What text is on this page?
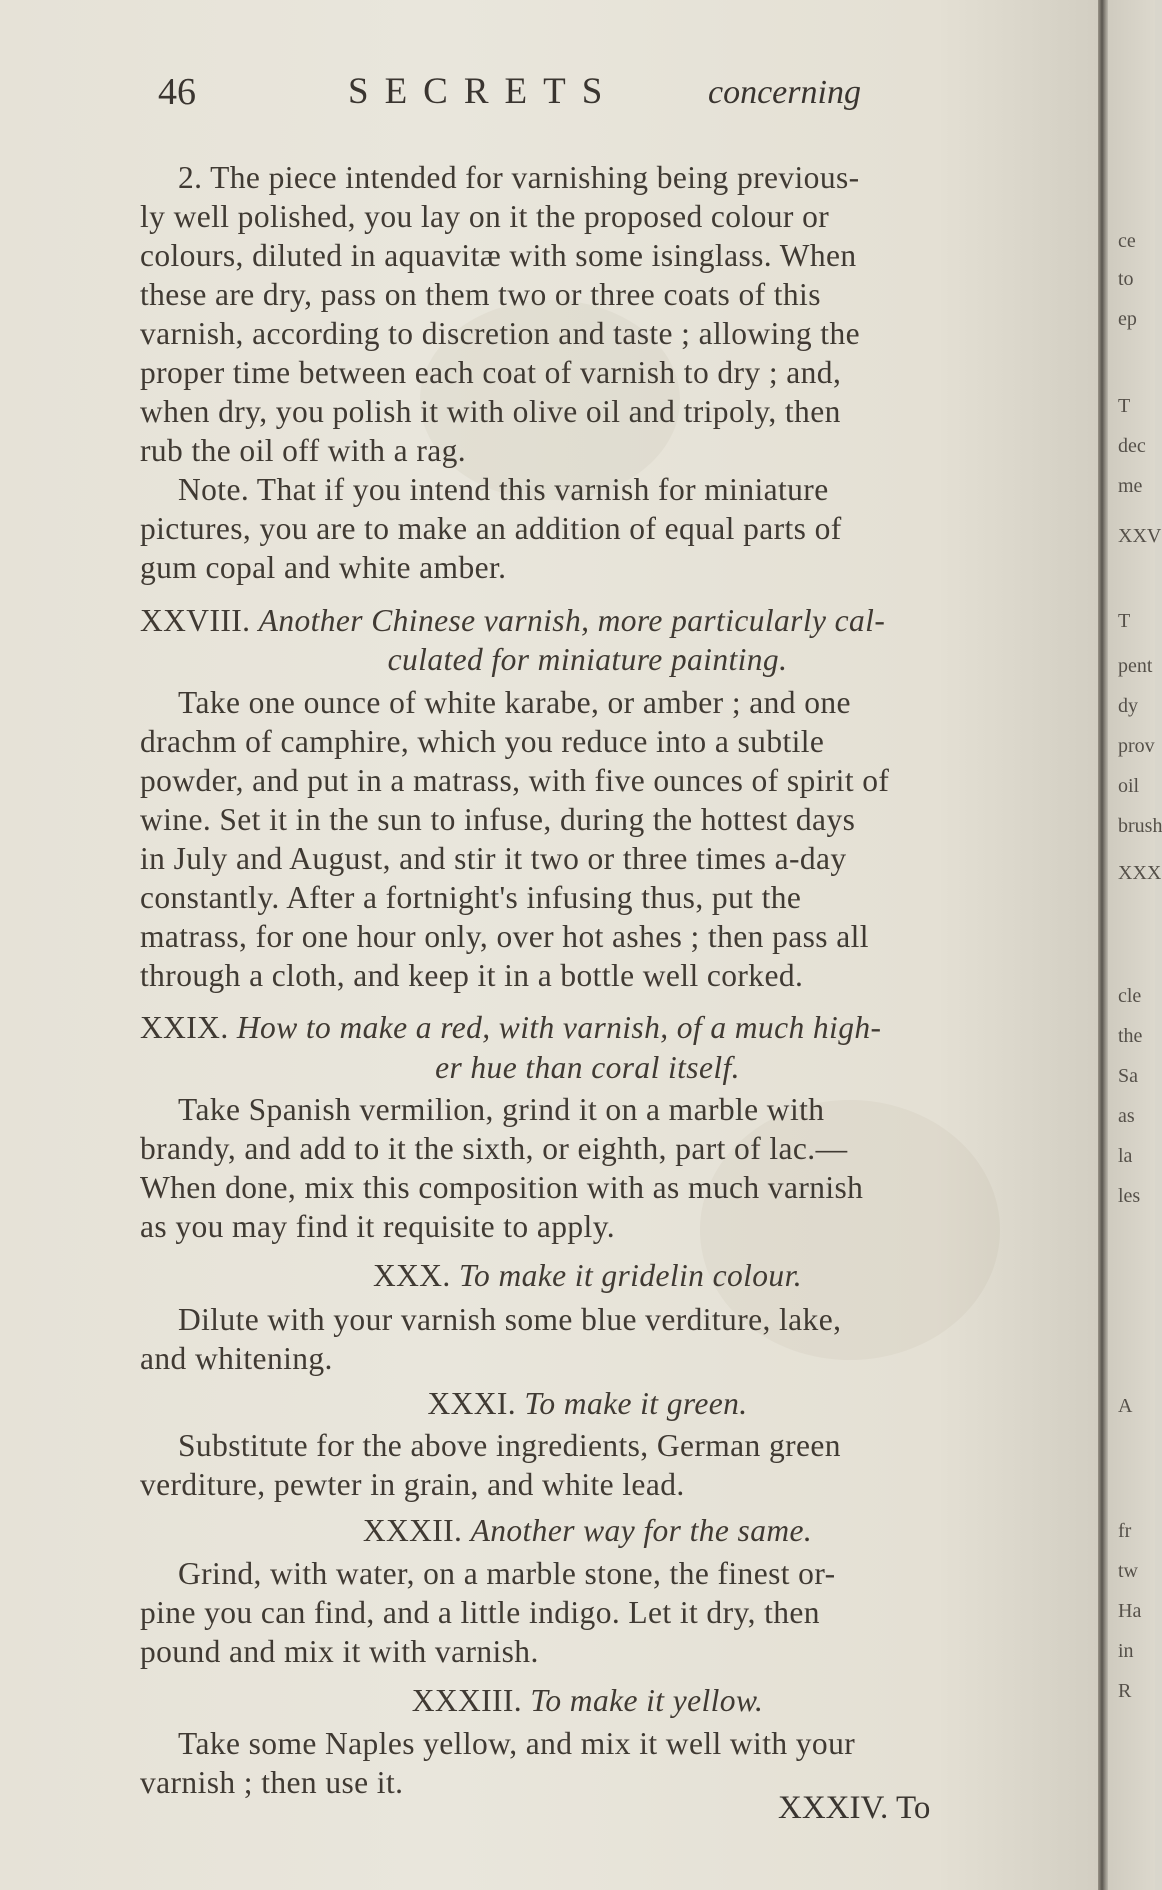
46	SECRETS	concerning
2. The piece intended for varnishing being previous-
ly well polished, you lay on it the proposed colour or
colours, diluted in aquavitæ with some isinglass. When
these are dry, pass on them two or three coats of this
varnish, according to discretion and taste ; allowing the
proper time between each coat of varnish to dry ; and,
when dry, you polish it with olive oil and tripoly, then
rub the oil off with a rag.
Note. That if you intend this varnish for miniature
pictures, you are to make an addition of equal parts of
gum copal and white amber.
XXVIII. Another Chinese varnish, more particularly cal-
culated for miniature painting.
Take one ounce of white karabe, or amber ; and one
drachm of camphire, which you reduce into a subtile
powder, and put in a matrass, with five ounces of spirit of
wine. Set it in the sun to infuse, during the hottest days
in July and August, and stir it two or three times a-day
constantly. After a fortnight's infusing thus, put the
matrass, for one hour only, over hot ashes ; then pass all
through a cloth, and keep it in a bottle well corked.
XXIX. How to make a red, with varnish, of a much high-
er hue than coral itself.
Take Spanish vermilion, grind it on a marble with
brandy, and add to it the sixth, or eighth, part of lac.—
When done, mix this composition with as much varnish
as you may find it requisite to apply.
XXX. To make it gridelin colour.
Dilute with your varnish some blue verditure, lake,
and whitening.
XXXI. To make it green.
Substitute for the above ingredients, German green
verditure, pewter in grain, and white lead.
XXXII. Another way for the same.
Grind, with water, on a marble stone, the finest or-
pine you can find, and a little indigo. Let it dry, then
pound and mix it with varnish.
XXXIII. To make it yellow.
Take some Naples yellow, and mix it well with your
varnish ; then use it.
XXXIV. To
ce
to
ep
T
dec
me
XXV
T
pent
dy
prov
oil
brush
XXX
cle
the
Sa
as
la
les
fr
tw
Ha
in
R
A
